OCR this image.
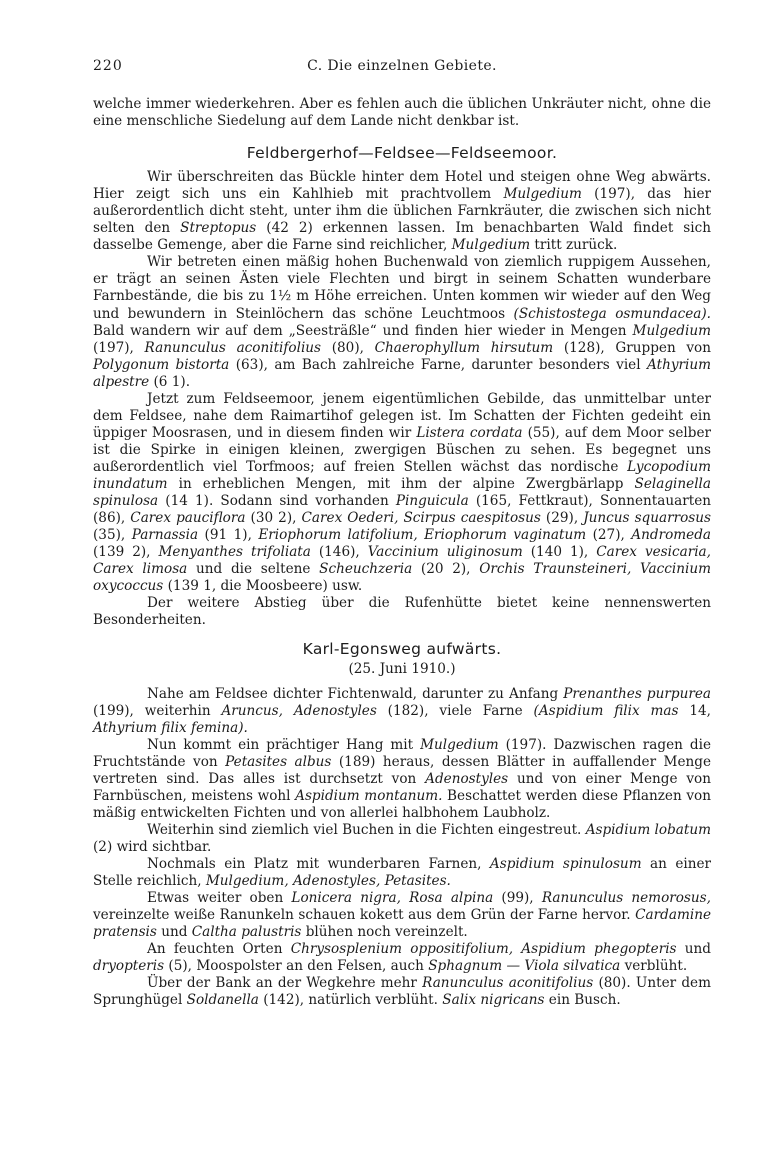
220	C. Die einzelnen Gebiete.

welche immer wiederkehren. Aber es fehlen auch die üblichen Unkräuter nicht, ohne die eine menschliche Siedelung auf dem Lande nicht denkbar ist.

Feldbergerhof—Feldsee—Feldseemoor.

Wir überschreiten das Bückle hinter dem Hotel und steigen ohne Weg abwärts. Hier zeigt sich uns ein Kahlhieb mit prachtvollem Mulgedium (197), das hier außerordentlich dicht steht, unter ihm die üblichen Farnkräuter, die zwischen sich nicht selten den Streptopus (42 2) erkennen lassen. Im benachbarten Wald findet sich dasselbe Gemenge, aber die Farne sind reichlicher, Mulgedium tritt zurück.

Wir betreten einen mäßig hohen Buchenwald von ziemlich ruppigem Aussehen, er trägt an seinen Ästen viele Flechten und birgt in seinem Schatten wunderbare Farnbestände, die bis zu 1½ m Höhe erreichen. Unten kommen wir wieder auf den Weg und bewundern in Steinlöchern das schöne Leuchtmoos (Schistostega osmundacea). Bald wandern wir auf dem „Seesträßle“ und finden hier wieder in Mengen Mulgedium (197), Ranunculus aconitifolius (80), Chaerophyllum hirsutum (128), Gruppen von Polygonum bistorta (63), am Bach zahlreiche Farne, darunter besonders viel Athyrium alpestre (6 1).

Jetzt zum Feldseemoor, jenem eigentümlichen Gebilde, das unmittelbar unter dem Feldsee, nahe dem Raimartihof gelegen ist. Im Schatten der Fichten gedeiht ein üppiger Moosrasen, und in diesem finden wir Listera cordata (55), auf dem Moor selber ist die Spirke in einigen kleinen, zwergigen Büschen zu sehen. Es begegnet uns außerordentlich viel Torfmoos; auf freien Stellen wächst das nordische Lycopodium inundatum in erheblichen Mengen, mit ihm der alpine Zwergbärlapp Selaginella spinulosa (14 1). Sodann sind vorhanden Pinguicula (165, Fettkraut), Sonnentauarten (86), Carex pauciflora (30 2), Carex Oederi, Scirpus caespitosus (29), Juncus squarrosus (35), Parnassia (91 1), Eriophorum latifolium, Eriophorum vaginatum (27), Andromeda (139 2), Menyanthes trifoliata (146), Vaccinium uliginosum (140 1), Carex vesicaria, Carex limosa und die seltene Scheuchzeria (20 2), Orchis Traunsteineri, Vaccinium oxycoccus (139 1, die Moosbeere) usw.

Der weitere Abstieg über die Rufenhütte bietet keine nennenswerten Besonderheiten.

Karl-Egonsweg aufwärts.
(25. Juni 1910.)

Nahe am Feldsee dichter Fichtenwald, darunter zu Anfang Prenanthes purpurea (199), weiterhin Aruncus, Adenostyles (182), viele Farne (Aspidium filix mas 14, Athyrium filix femina).

Nun kommt ein prächtiger Hang mit Mulgedium (197). Dazwischen ragen die Fruchtstände von Petasites albus (189) heraus, dessen Blätter in auffallender Menge vertreten sind. Das alles ist durchsetzt von Adenostyles und von einer Menge von Farnbüschen, meistens wohl Aspidium montanum. Beschattet werden diese Pflanzen von mäßig entwickelten Fichten und von allerlei halbhohem Laubholz.

Weiterhin sind ziemlich viel Buchen in die Fichten eingestreut. Aspidium lobatum (2) wird sichtbar.

Nochmals ein Platz mit wunderbaren Farnen, Aspidium spinulosum an einer Stelle reichlich, Mulgedium, Adenostyles, Petasites.

Etwas weiter oben Lonicera nigra, Rosa alpina (99), Ranunculus nemorosus, vereinzelte weiße Ranunkeln schauen kokett aus dem Grün der Farne hervor. Cardamine pratensis und Caltha palustris blühen noch vereinzelt.

An feuchten Orten Chrysosplenium oppositifolium, Aspidium phegopteris und dryopteris (5), Moospolster an den Felsen, auch Sphagnum — Viola silvatica verblüht.

Über der Bank an der Wegkehre mehr Ranunculus aconitifolius (80). Unter dem Sprunghügel Soldanella (142), natürlich verblüht. Salix nigricans ein Busch.
